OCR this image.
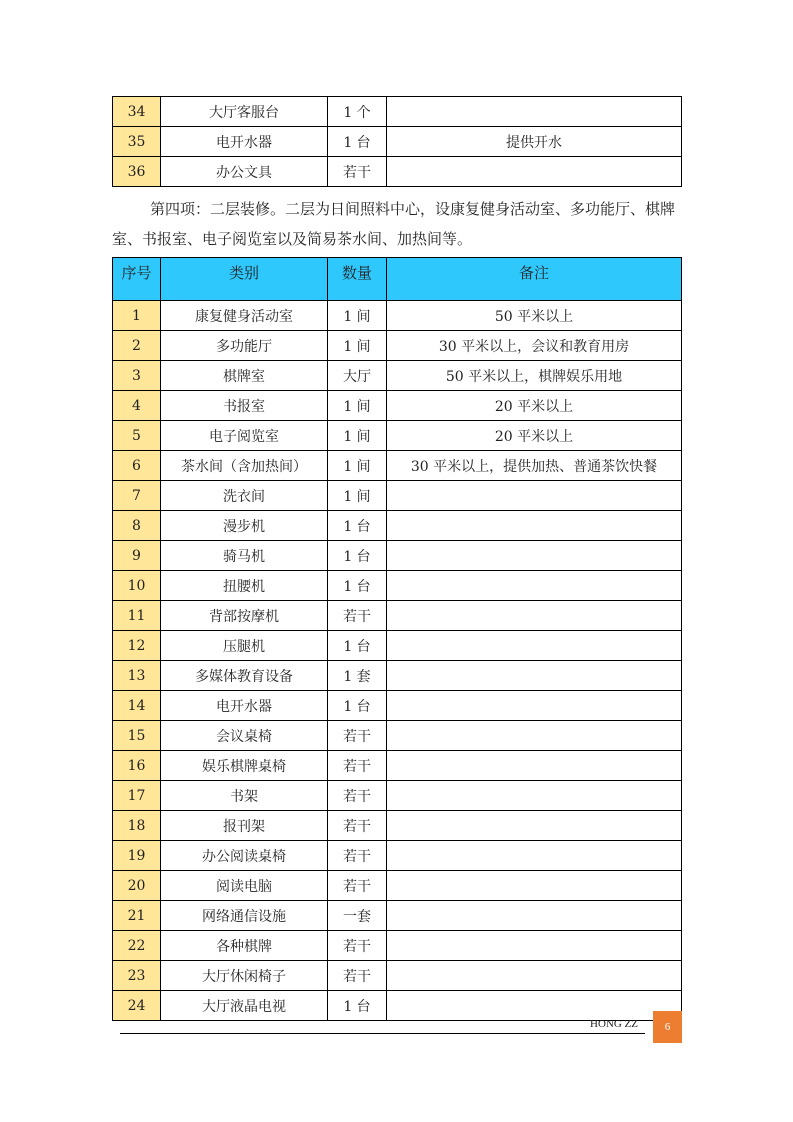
34	大厅客服台	1 个	
35	电开水器	1 台	提供开水
36	办公文具	若干	
第四项：二层装修。二层为日间照料中心，设康复健身活动室、多功能厅、棋牌室、书报室、电子阅览室以及简易茶水间、加热间等。
序号	类别	数量	备注
1	康复健身活动室	1 间	50 平米以上
2	多功能厅	1 间	30 平米以上，会议和教育用房
3	棋牌室	大厅	50 平米以上，棋牌娱乐用地
4	书报室	1 间	20 平米以上
5	电子阅览室	1 间	20 平米以上
6	茶水间（含加热间）	1 间	30 平米以上，提供加热、普通茶饮快餐
7	洗衣间	1 间	
8	漫步机	1 台	
9	骑马机	1 台	
10	扭腰机	1 台	
11	背部按摩机	若干	
12	压腿机	1 台	
13	多媒体教育设备	1 套	
14	电开水器	1 台	
15	会议桌椅	若干	
16	娱乐棋牌桌椅	若干	
17	书架	若干	
18	报刊架	若干	
19	办公阅读桌椅	若干	
20	阅读电脑	若干	
21	网络通信设施	一套	
22	各种棋牌	若干	
23	大厅休闲椅子	若干	
24	大厅液晶电视	1 台	
HONG ZZ	6
